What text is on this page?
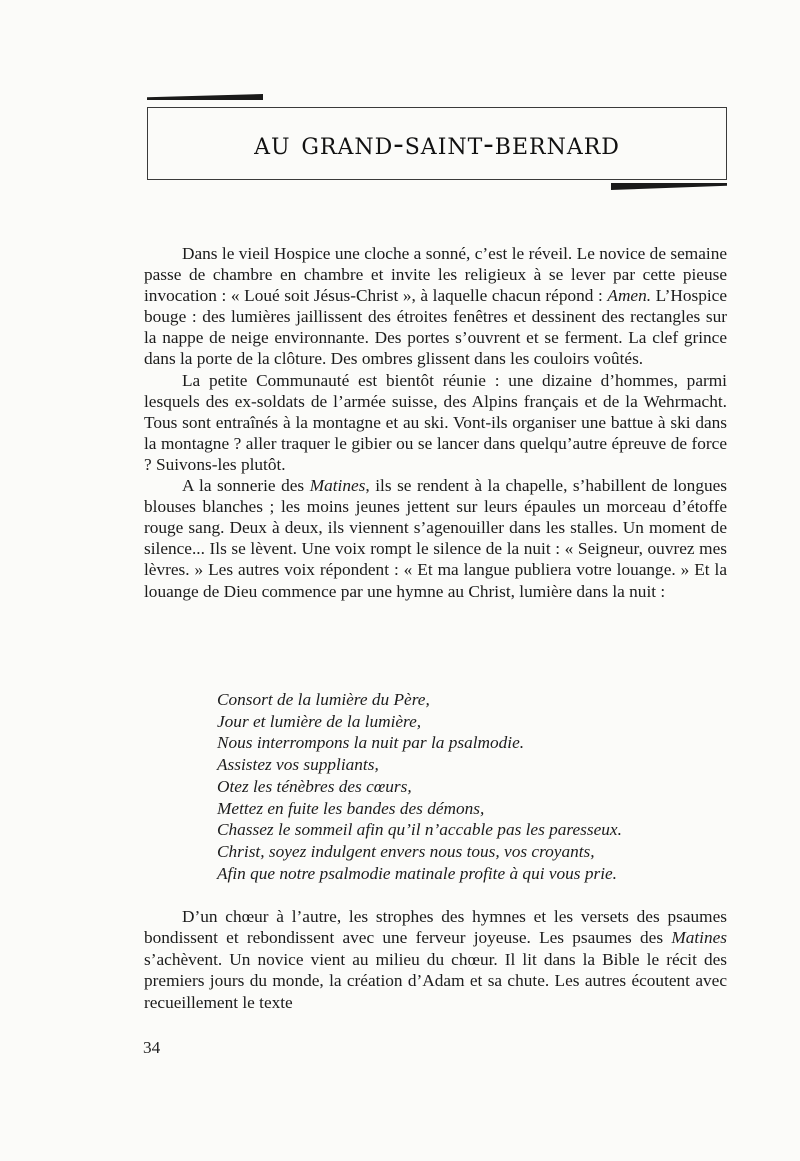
au grand-saint-bernard

Dans le vieil Hospice une cloche a sonné, c’est le réveil. Le novice de semaine passe de chambre en chambre et invite les religieux à se lever par cette pieuse invocation : « Loué soit Jésus-Christ », à laquelle chacun répond : Amen. L’Hospice bouge : des lumières jaillissent des étroites fenêtres et dessinent des rectangles sur la nappe de neige environnante. Des portes s’ouvrent et se ferment. La clef grince dans la porte de la clôture. Des ombres glissent dans les couloirs voûtés.

La petite Communauté est bientôt réunie : une dizaine d’hommes, parmi lesquels des ex-soldats de l’armée suisse, des Alpins français et de la Wehrmacht. Tous sont entraînés à la montagne et au ski. Vont-ils organiser une battue à ski dans la montagne ? aller traquer le gibier ou se lancer dans quelqu’autre épreuve de force ? Suivons-les plutôt.

A la sonnerie des Matines, ils se rendent à la chapelle, s’habillent de longues blouses blanches ; les moins jeunes jettent sur leurs épaules un morceau d’étoffe rouge sang. Deux à deux, ils viennent s’agenouiller dans les stalles. Un moment de silence... Ils se lèvent. Une voix rompt le silence de la nuit : « Seigneur, ouvrez mes lèvres. » Les autres voix répondent : « Et ma langue publiera votre louange. » Et la louange de Dieu commence par une hymne au Christ, lumière dans la nuit :

Consort de la lumière du Père,
Jour et lumière de la lumière,
Nous interrompons la nuit par la psalmodie.
Assistez vos suppliants,
Otez les ténèbres des cœurs,
Mettez en fuite les bandes des démons,
Chassez le sommeil afin qu’il n’accable pas les paresseux.
Christ, soyez indulgent envers nous tous, vos croyants,
Afin que notre psalmodie matinale profite à qui vous prie.

D’un chœur à l’autre, les strophes des hymnes et les versets des psaumes bondissent et rebondissent avec une ferveur joyeuse. Les psaumes des Matines s’achèvent. Un novice vient au milieu du chœur. Il lit dans la Bible le récit des premiers jours du monde, la création d’Adam et sa chute. Les autres écoutent avec recueillement le texte

34
